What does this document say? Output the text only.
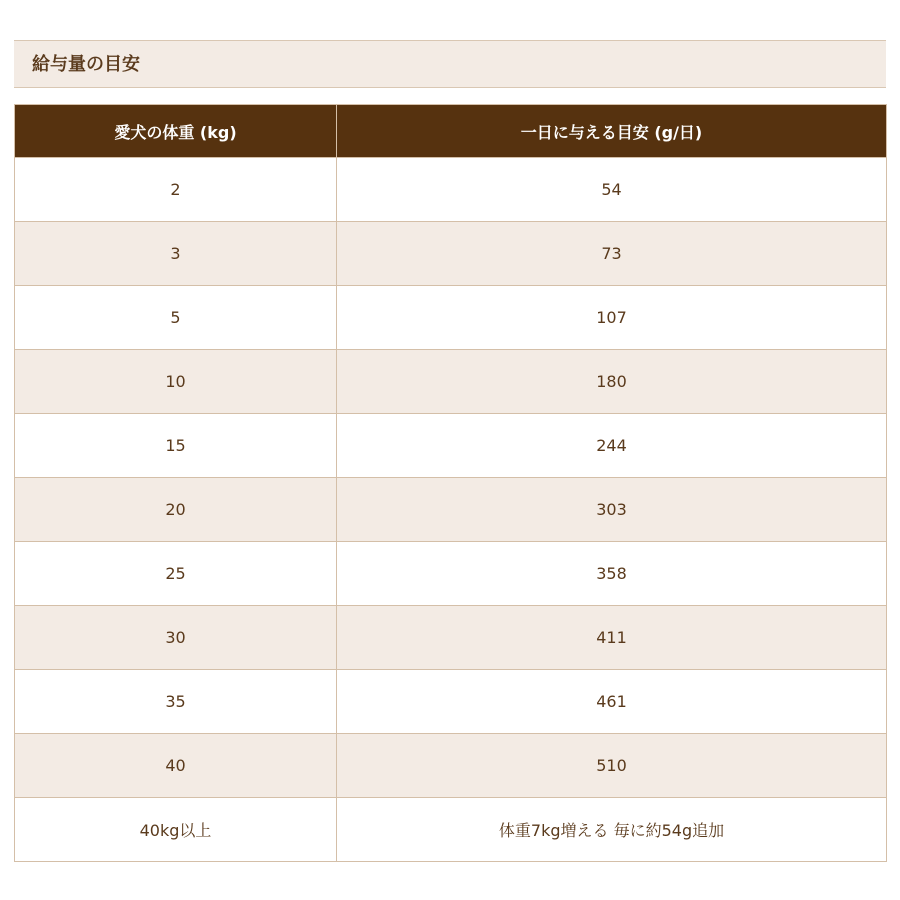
給与量の目安
愛犬の体重 (kg)	一日に与える目安 (g/日)
2	54
3	73
5	107
10	180
15	244
20	303
25	358
30	411
35	461
40	510
40kg以上	体重7kg増える 毎に約54g追加
